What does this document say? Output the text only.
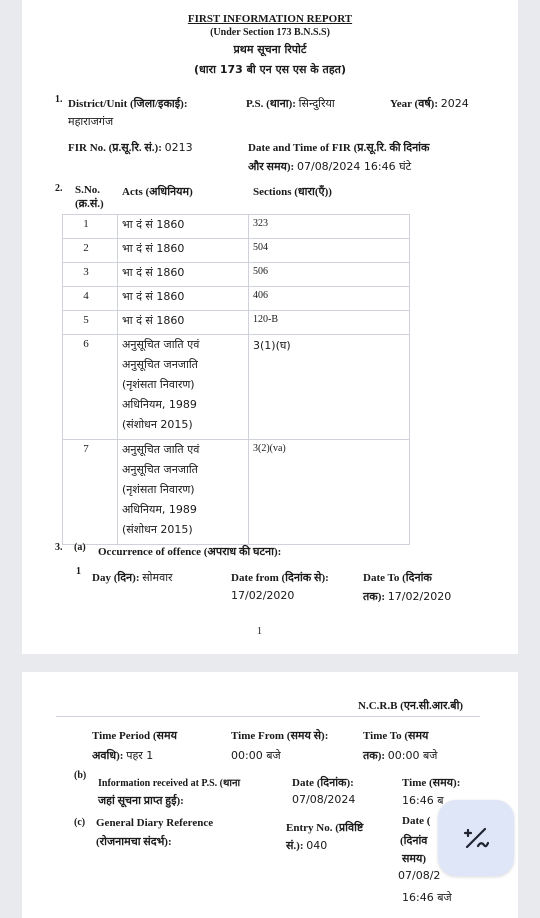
FIRST INFORMATION REPORT
(Under Section 173 B.N.S.S)
प्रथम सूचना रिपोर्ट
(धारा 173 बी एन एस एस के तहत)
1. District/Unit (जिला/इकाई):
महाराजगंज
P.S. (थाना): सिन्दुरिया	Year (वर्ष): 2024
FIR No. (प्र.सू.रि. सं.): 0213	Date and Time of FIR (प्र.सू.रि. की दिनांक
और समय): 07/08/2024 16:46 घंटे
2. S.No.
(क्र.सं.)	Acts (अधिनियम)	Sections (धारा(एँ))
1	भा दं सं 1860	323
2	भा दं सं 1860	504
3	भा दं सं 1860	506
4	भा दं सं 1860	406
5	भा दं सं 1860	120-B
6	अनुसूचित जाति एवं
अनुसूचित जनजाति
(नृशंसता निवारण)
अधिनियम, 1989
(संशोधन 2015)	3(1)(घ)
7	अनुसूचित जाति एवं
अनुसूचित जनजाति
(नृशंसता निवारण)
अधिनियम, 1989
(संशोधन 2015)	3(2)(va)
3. (a) Occurrence of offence (अपराध की घटना):
1
Day (दिन): सोमवार	Date from (दिनांक से):
17/02/2020
Date To (दिनांक
तक): 17/02/2020
1
N.C.R.B (एन.सी.आर.बी)
Time Period (समय
अवधि): पहर 1
Time From (समय से):
00:00 बजे
Time To (समय
तक): 00:00 बजे
(b)
Information received at P.S. (थाना
जहां सूचना प्राप्त हुई):
Date (दिनांक):
07/08/2024
Time (समय):
16:46 ब
(c) General Diary Reference
(रोजनामचा संदर्भ):
Entry No. (प्रविष्टि
सं.): 040
Date (
(दिनांव
समय)
07/08/2
16:46 बजे
